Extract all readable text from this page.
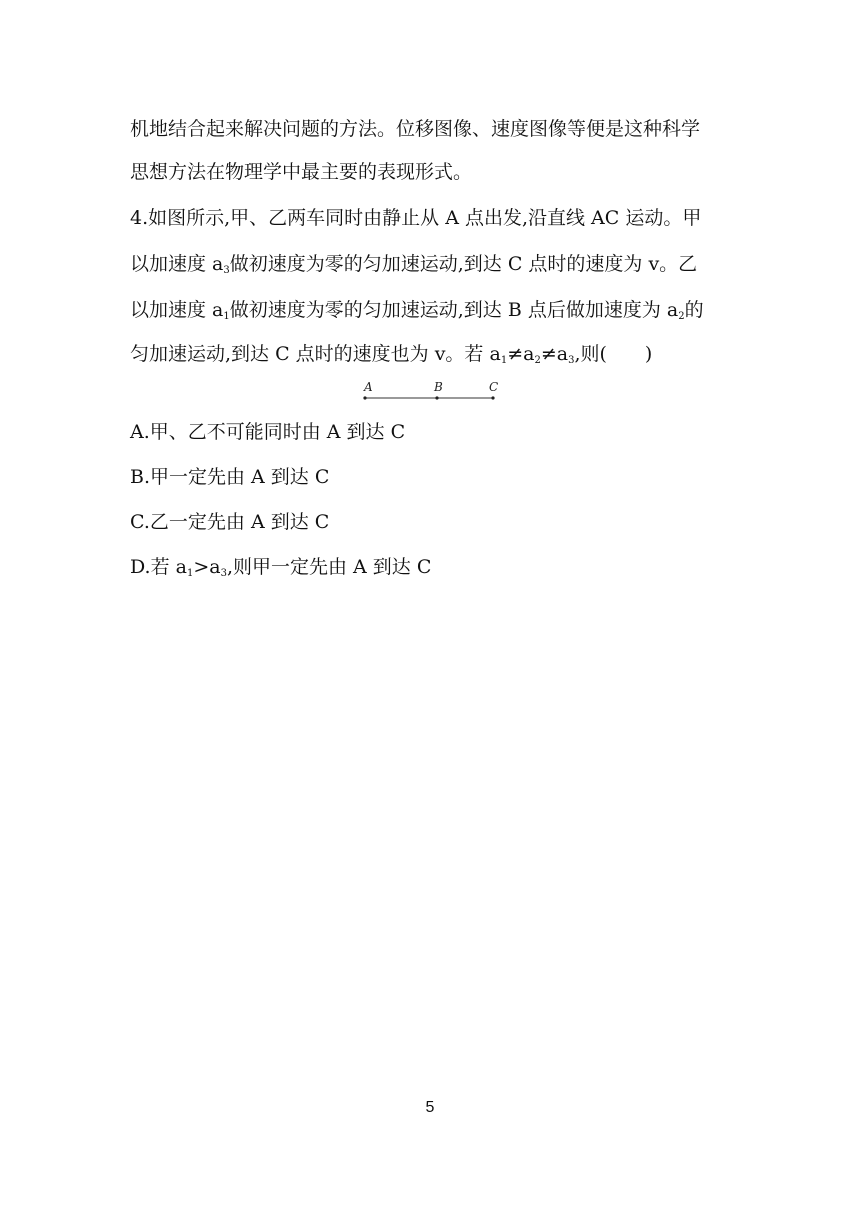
机地结合起来解决问题的方法。位移图像、速度图像等便是这种科学
思想方法在物理学中最主要的表现形式。
4.如图所示,甲、乙两车同时由静止从 A 点出发,沿直线 AC 运动。甲
以加速度 $a_3$做初速度为零的匀加速运动,到达 C 点时的速度为 v。乙
以加速度 $a_1$做初速度为零的匀加速运动,到达 B 点后做加速度为 $a_2$的
匀加速运动,到达 C 点时的速度也为 v。若 $a_1\ne a_2\ne a_3$,则(　　)
A	B	C
A.甲、乙不可能同时由 A 到达 C
B.甲一定先由 A 到达 C
C.乙一定先由 A 到达 C
D.若 $a_1>a_3$,则甲一定先由 A 到达 C
5
